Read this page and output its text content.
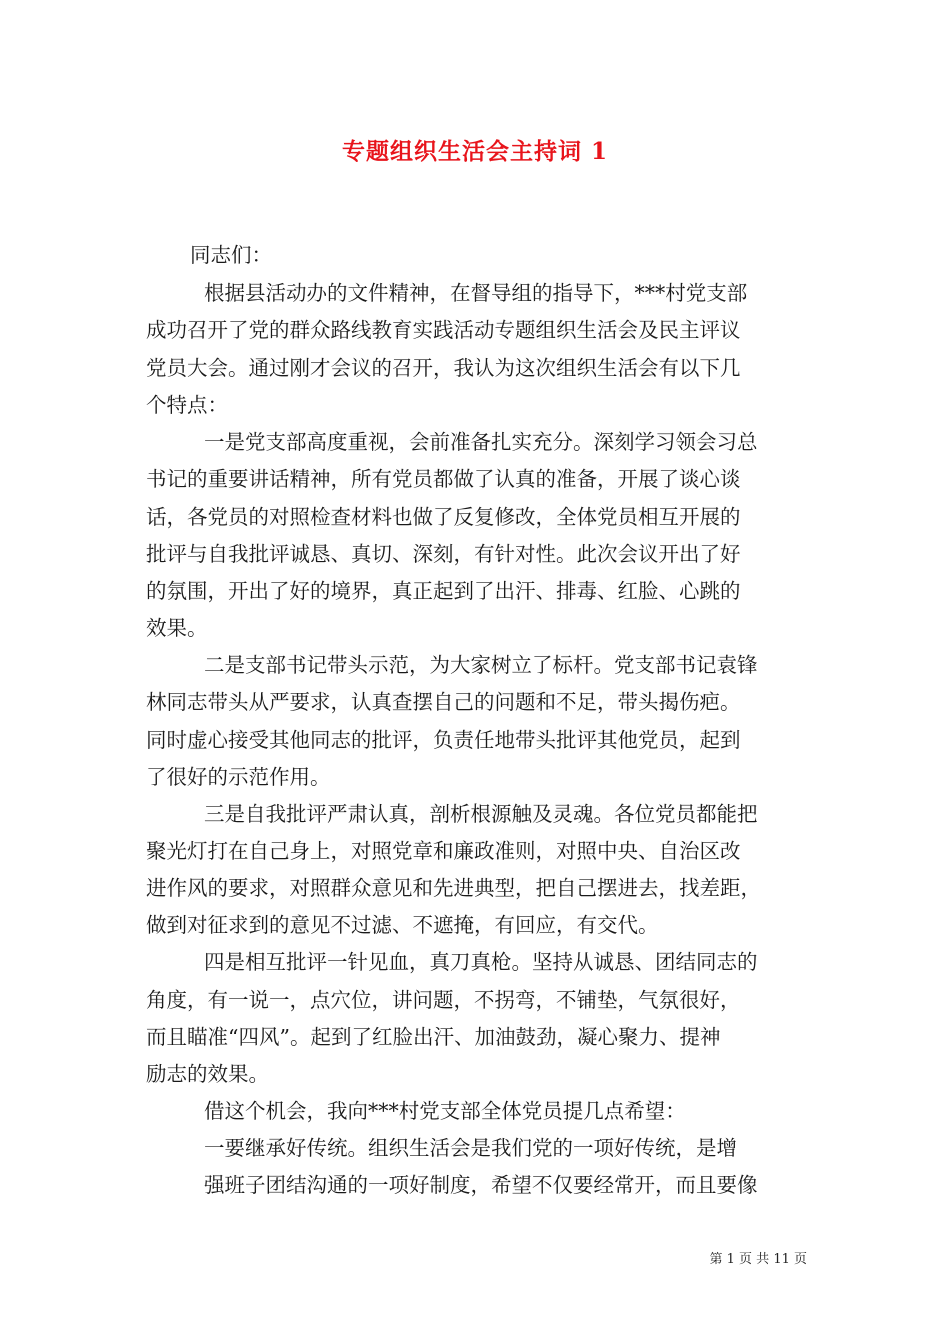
专题组织生活会主持词 1
同志们：
根据县活动办的文件精神，在督导组的指导下，***村党支部
成功召开了党的群众路线教育实践活动专题组织生活会及民主评议
党员大会。通过刚才会议的召开，我认为这次组织生活会有以下几
个特点：
一是党支部高度重视，会前准备扎实充分。深刻学习领会习总
书记的重要讲话精神，所有党员都做了认真的准备，开展了谈心谈
话，各党员的对照检查材料也做了反复修改，全体党员相互开展的
批评与自我批评诚恳、真切、深刻，有针对性。此次会议开出了好
的氛围，开出了好的境界，真正起到了出汗、排毒、红脸、心跳的
效果。
二是支部书记带头示范，为大家树立了标杆。党支部书记袁锋
林同志带头从严要求，认真查摆自己的问题和不足，带头揭伤疤。
同时虚心接受其他同志的批评，负责任地带头批评其他党员，起到
了很好的示范作用。
三是自我批评严肃认真，剖析根源触及灵魂。各位党员都能把
聚光灯打在自己身上，对照党章和廉政准则，对照中央、自治区改
进作风的要求，对照群众意见和先进典型，把自己摆进去，找差距，
做到对征求到的意见不过滤、不遮掩，有回应，有交代。
四是相互批评一针见血，真刀真枪。坚持从诚恳、团结同志的
角度，有一说一，点穴位，讲问题，不拐弯，不铺垫，气氛很好，
而且瞄准“四风”。起到了红脸出汗、加油鼓劲，凝心聚力、提神
励志的效果。
借这个机会，我向***村党支部全体党员提几点希望：
一要继承好传统。组织生活会是我们党的一项好传统，是增
强班子团结沟通的一项好制度，希望不仅要经常开，而且要像
第 1 页 共 11 页
